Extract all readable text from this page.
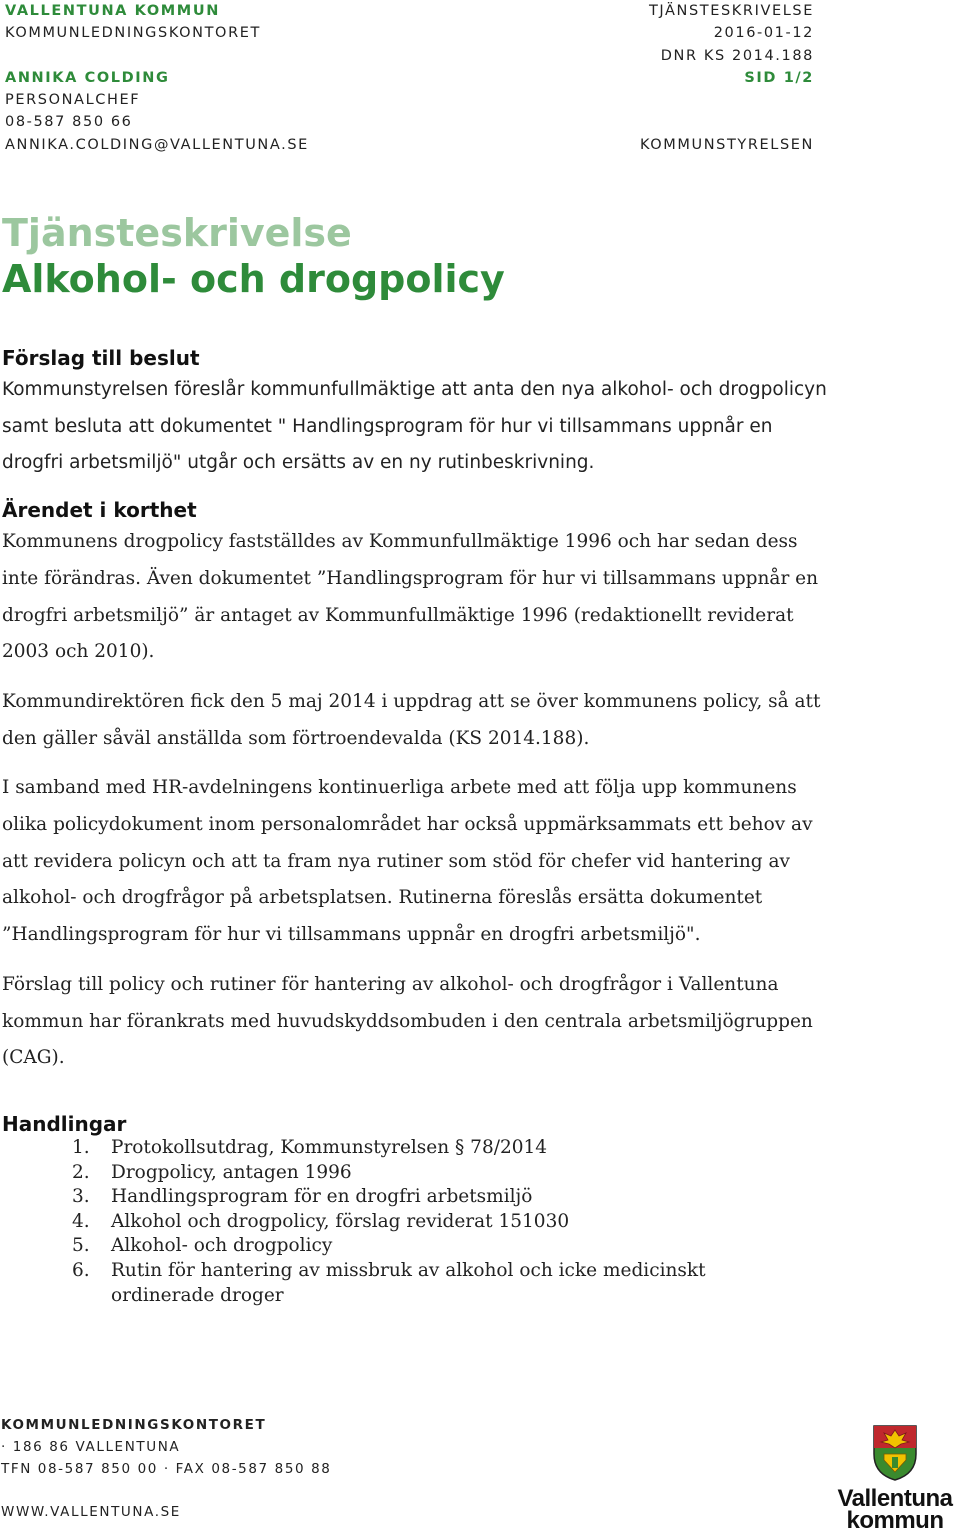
VALLENTUNA KOMMUN
KOMMUNLEDNINGSKONTORET
ANNIKA COLDING
PERSONALCHEF
08-587 850 66
ANNIKA.COLDING@VALLENTUNA.SE
TJÄNSTESKRIVELSE
2016-01-12
DNR KS 2014.188
SID 1/2
KOMMUNSTYRELSEN
Tjänsteskrivelse
Alkohol- och drogpolicy
Förslag till beslut

Kommunstyrelsen föreslår kommunfullmäktige att anta den nya alkohol- och drogpolicyn samt besluta att dokumentet " Handlingsprogram för hur vi tillsammans uppnår en drogfri arbetsmiljö" utgår och ersätts av en ny rutinbeskrivning.

Ärendet i korthet

Kommunens drogpolicy fastställdes av Kommunfullmäktige 1996 och har sedan dess inte förändras. Även dokumentet ”Handlingsprogram för hur vi tillsammans uppnår en drogfri arbetsmiljö” är antaget av Kommunfullmäktige 1996 (redaktionellt reviderat 2003 och 2010).

Kommundirektören fick den 5 maj 2014 i uppdrag att se över kommunens policy, så att den gäller såväl anställda som förtroendevalda (KS 2014.188).

I samband med HR-avdelningens kontinuerliga arbete med att följa upp kommunens olika policydokument inom personalområdet har också uppmärksammats ett behov av att revidera policyn och att ta fram nya rutiner som stöd för chefer vid hantering av alkohol- och drogfrågor på arbetsplatsen. Rutinerna föreslås ersätta dokumentet ”Handlingsprogram för hur vi tillsammans uppnår en drogfri arbetsmiljö".

Förslag till policy och rutiner för hantering av alkohol- och drogfrågor i Vallentuna kommun har förankrats med huvudskyddsombuden i den centrala arbetsmiljögruppen (CAG).

Handlingar
1.	Protokollsutdrag, Kommunstyrelsen § 78/2014
2.	Drogpolicy, antagen 1996
3.	Handlingsprogram för en drogfri arbetsmiljö
4.	Alkohol och drogpolicy, förslag reviderat 151030
5.	Alkohol- och drogpolicy
6.	Rutin för hantering av missbruk av alkohol och icke medicinskt ordinerade droger
KOMMUNLEDNINGSKONTORET
· 186 86 VALLENTUNA
TFN 08-587 850 00 · FAX 08-587 850 88
WWW.VALLENTUNA.SE
Vallentuna
kommun
